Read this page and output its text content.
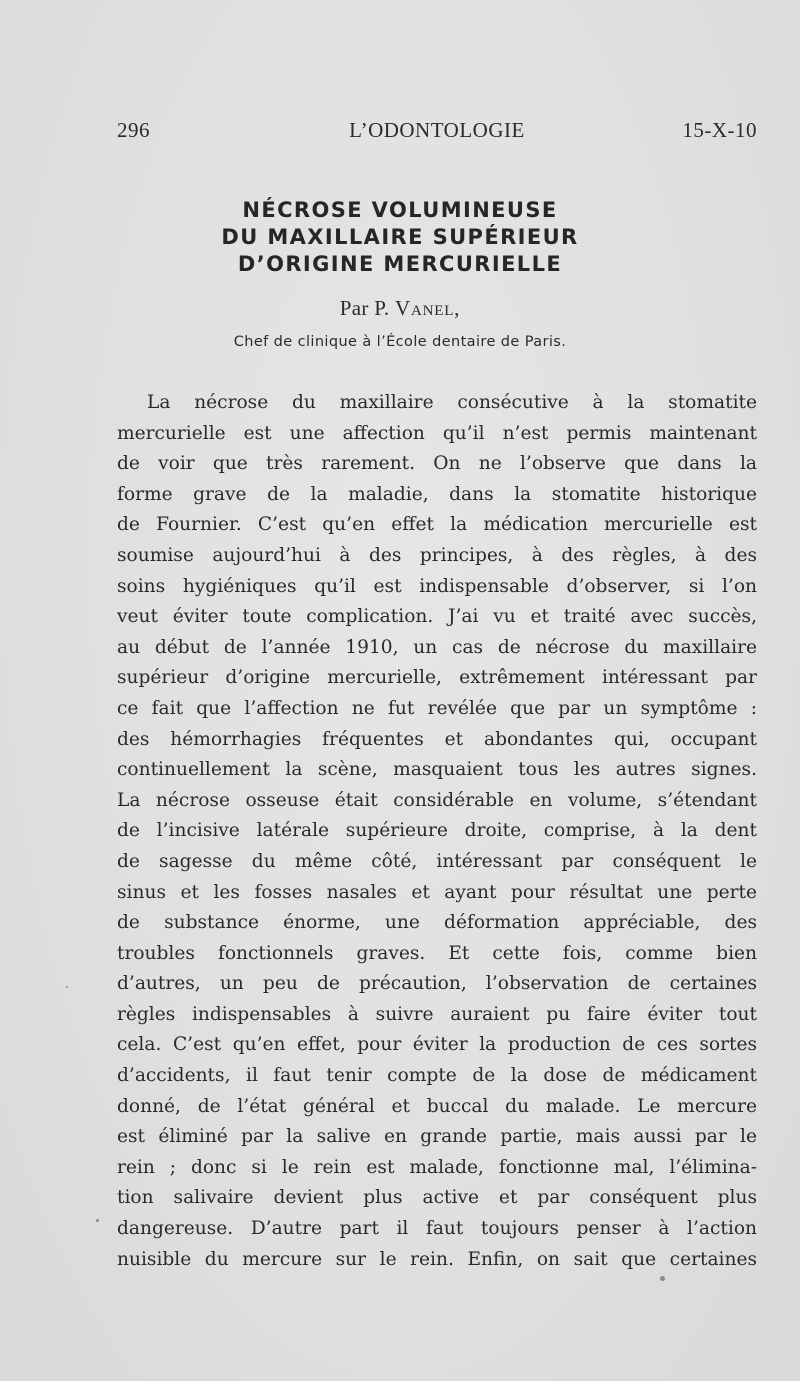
L’ODONTOLOGIE
296	15-X-10
NÉCROSE VOLUMINEUSE
DU MAXILLAIRE SUPÉRIEUR
D’ORIGINE MERCURIELLE
Par P. Vanel,
Chef de clinique à l’École dentaire de Paris.
La nécrose du maxillaire consécutive à la stomatite
mercurielle est une affection qu’il n’est permis maintenant
de voir que très rarement. On ne l’observe que dans la
forme grave de la maladie, dans la stomatite historique
de Fournier. C’est qu’en effet la médication mercurielle est
soumise aujourd’hui à des principes, à des règles, à des
soins hygiéniques qu’il est indispensable d’observer, si l’on
veut éviter toute complication. J’ai vu et traité avec succès,
au début de l’année 1910, un cas de nécrose du maxillaire
supérieur d’origine mercurielle, extrêmement intéressant par
ce fait que l’affection ne fut revélée que par un symptôme :
des hémorrhagies fréquentes et abondantes qui, occupant
continuellement la scène, masquaient tous les autres signes.
La nécrose osseuse était considérable en volume, s’étendant
de l’incisive latérale supérieure droite, comprise, à la dent
de sagesse du même côté, intéressant par conséquent le
sinus et les fosses nasales et ayant pour résultat une perte
de substance énorme, une déformation appréciable, des
troubles fonctionnels graves. Et cette fois, comme bien
d’autres, un peu de précaution, l’observation de certaines
règles indispensables à suivre auraient pu faire éviter tout
cela. C’est qu’en effet, pour éviter la production de ces sortes
d’accidents, il faut tenir compte de la dose de médicament
donné, de l’état général et buccal du malade. Le mercure
est éliminé par la salive en grande partie, mais aussi par le
rein ; donc si le rein est malade, fonctionne mal, l’élimina-
tion salivaire devient plus active et par conséquent plus
dangereuse. D’autre part il faut toujours penser à l’action
nuisible du mercure sur le rein. Enfin, on sait que certaines
